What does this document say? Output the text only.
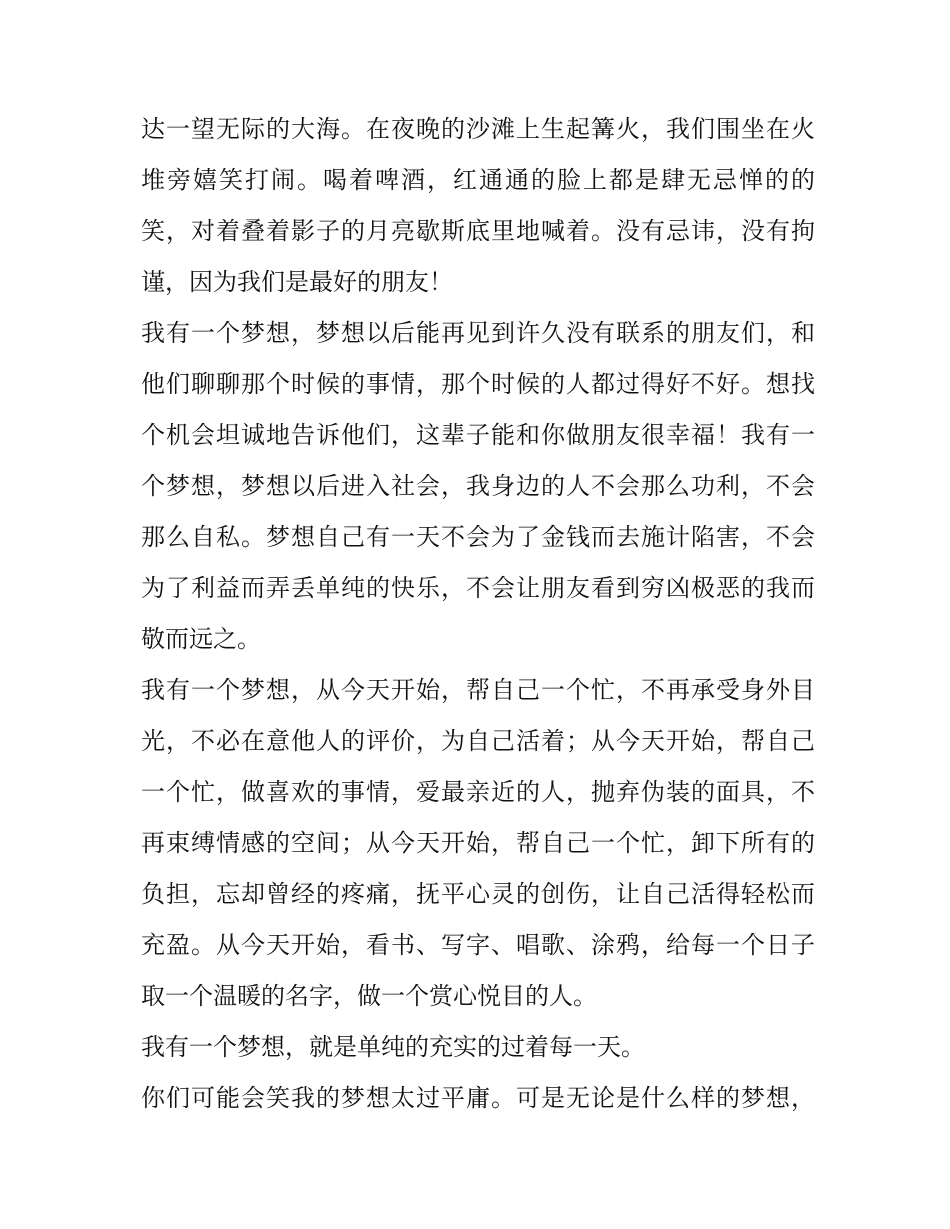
达一望无际的大海。在夜晚的沙滩上生起篝火，我们围坐在火
堆旁嬉笑打闹。喝着啤酒，红通通的脸上都是肆无忌惮的的
笑，对着叠着影子的月亮歇斯底里地喊着。没有忌讳，没有拘
谨，因为我们是最好的朋友！
我有一个梦想，梦想以后能再见到许久没有联系的朋友们，和
他们聊聊那个时候的事情，那个时候的人都过得好不好。想找
个机会坦诚地告诉他们，这辈子能和你做朋友很幸福！我有一
个梦想，梦想以后进入社会，我身边的人不会那么功利，不会
那么自私。梦想自己有一天不会为了金钱而去施计陷害，不会
为了利益而弄丢单纯的快乐，不会让朋友看到穷凶极恶的我而
敬而远之。
我有一个梦想，从今天开始，帮自己一个忙，不再承受身外目
光，不必在意他人的评价，为自己活着；从今天开始，帮自己
一个忙，做喜欢的事情，爱最亲近的人，抛弃伪装的面具，不
再束缚情感的空间；从今天开始，帮自己一个忙，卸下所有的
负担，忘却曾经的疼痛，抚平心灵的创伤，让自己活得轻松而
充盈。从今天开始，看书、写字、唱歌、涂鸦，给每一个日子
取一个温暖的名字，做一个赏心悦目的人。
我有一个梦想，就是单纯的充实的过着每一天。
你们可能会笑我的梦想太过平庸。可是无论是什么样的梦想，
